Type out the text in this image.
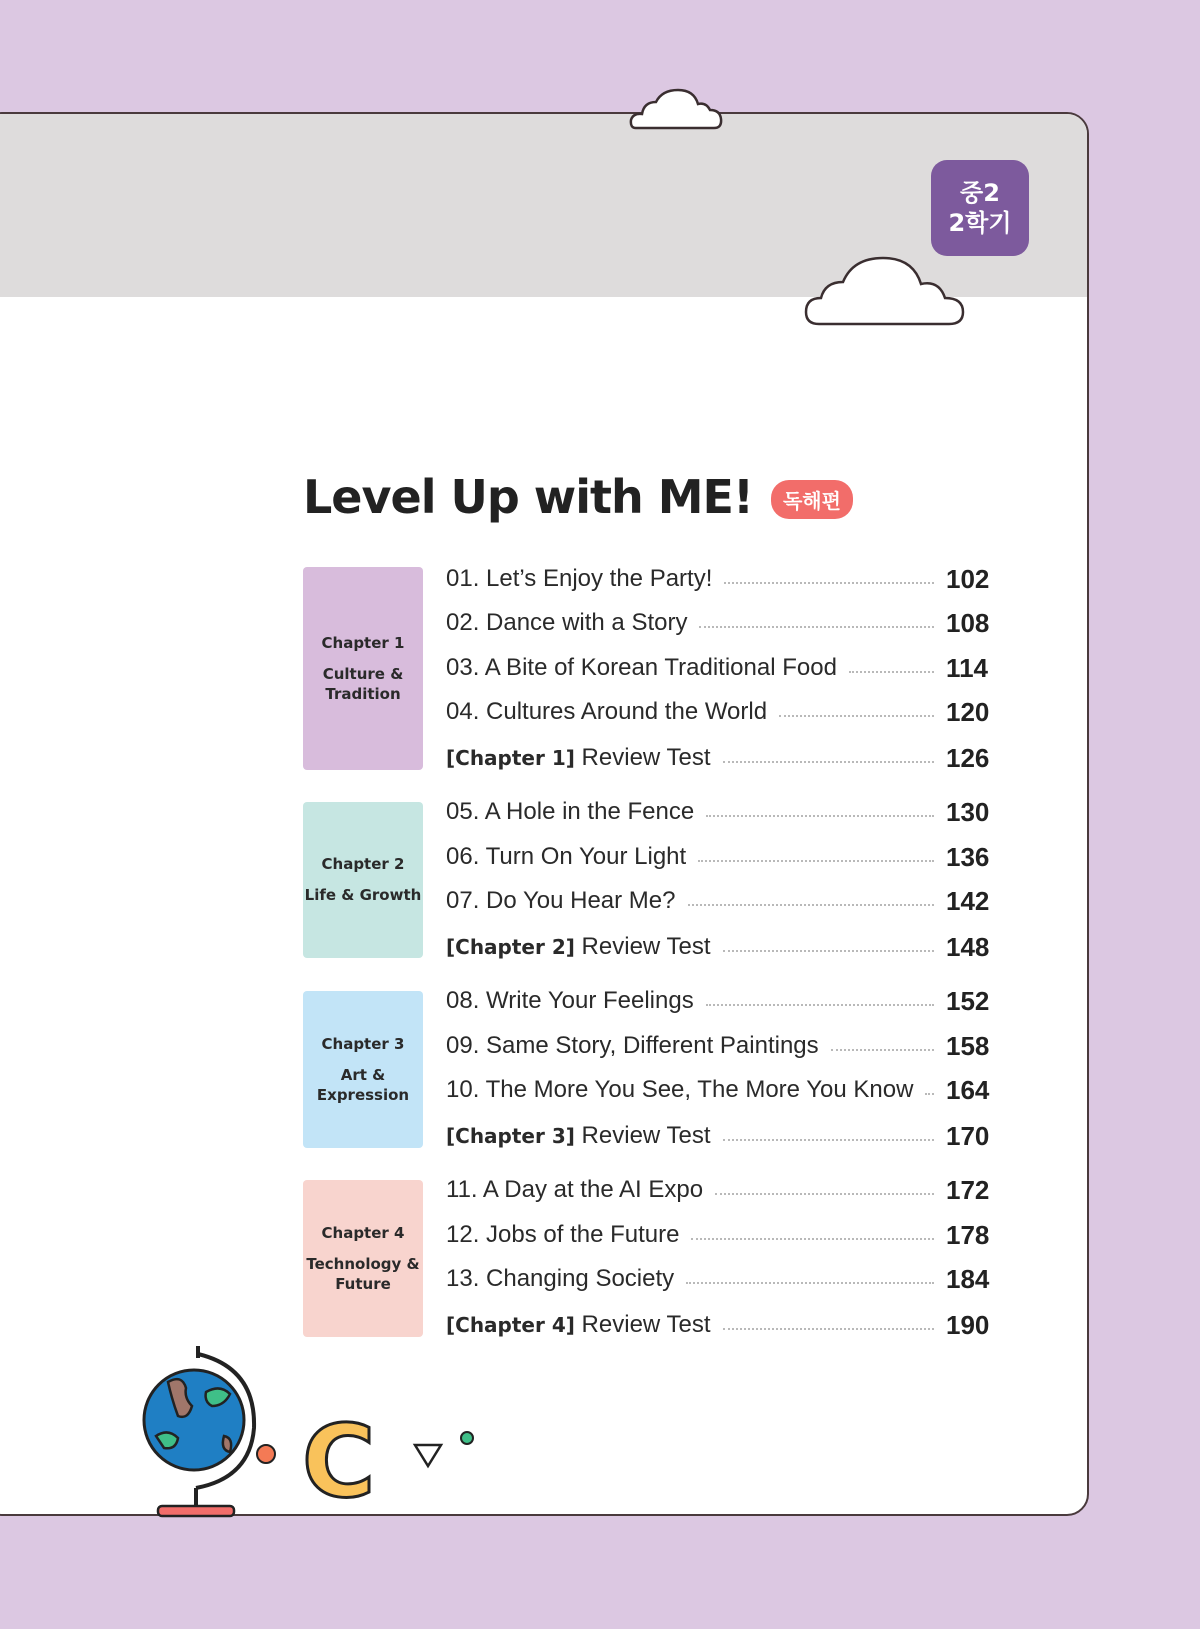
중2
2학기
Level Up with ME!	독해편
Chapter 1
Culture &
Tradition
Chapter 2
Life & Growth
Chapter 3
Art &
Expression
Chapter 4
Technology &
Future
01. Let’s Enjoy the Party!	102
02. Dance with a Story	108
03. A Bite of Korean Traditional Food	114
04. Cultures Around the World	120
[Chapter 1] Review Test	126
05. A Hole in the Fence	130
06. Turn On Your Light	136
07. Do You Hear Me?	142
[Chapter 2] Review Test	148
08. Write Your Feelings	152
09. Same Story, Different Paintings	158
10. The More You See, The More You Know 164
[Chapter 3] Review Test	170
11. A Day at the AI Expo	172
12. Jobs of the Future	178
13. Changing Society	184
[Chapter 4] Review Test	190
C
